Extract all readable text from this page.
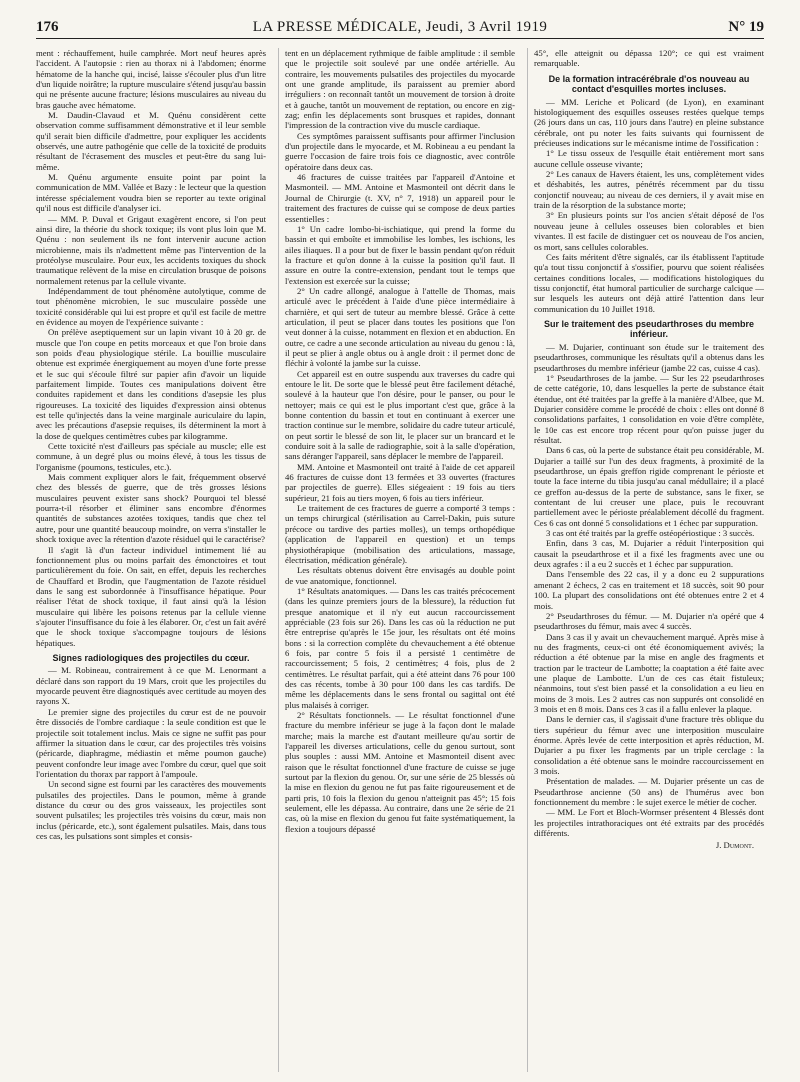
176	LA PRESSE MÉDICALE, Jeudi, 3 Avril 1919	N° 19

ment : réchauffement, huile camphrée. Mort neuf heures après l'accident. A l'autopsie : rien au thorax ni à l'abdomen; énorme hématome de la hanche qui, incisé, laisse s'écouler plus d'un litre d'un liquide noirâtre; la rupture musculaire s'étend jusqu'au bassin qui ne présente aucune fracture; lésions musculaires au niveau du bras gauche avec hématome.

M. Daudin-Clavaud et M. Quénu considèrent cette observation comme suffisamment démonstrative et il leur semble qu'il serait bien difficile d'admettre, pour expliquer les accidents observés, une autre pathogénie que celle de la toxicité de produits résultant de l'écrasement des muscles et peut-être du sang lui-même.

M. Quénu argumente ensuite point par point la communication de MM. Vallée et Bazy : le lecteur que la question intéresse spécialement voudra bien se reporter au texte original qu'il nous est difficile d'analyser ici.

— MM. P. Duval et Grigaut exagèrent encore, si l'on peut ainsi dire, la théorie du shock toxique; ils vont plus loin que M. Quénu : non seulement ils ne font intervenir aucune action microbienne, mais ils n'admettent même pas l'intervention de la protéolyse musculaire. Pour eux, les accidents toxiques du shock traumatique relèvent de la mise en circulation brusque de poisons normalement retenus par la cellule vivante.

Indépendamment de tout phénomène autolytique, comme de tout phénomène microbien, le suc musculaire possède une toxicité considérable qui lui est propre et qu'il est facile de mettre en évidence au moyen de l'expérience suivante :

On prélève aseptiquement sur un lapin vivant 10 à 20 gr. de muscle que l'on coupe en petits morceaux et que l'on broie dans son poids d'eau physiologique stérile. La bouillie musculaire obtenue est exprimée énergiquement au moyen d'une forte presse et le suc qui s'écoule filtré sur papier afin d'avoir un liquide parfaitement limpide. Toutes ces manipulations doivent être conduites rapidement et dans les conditions d'asepsie les plus rigoureuses. La toxicité des liquides d'expression ainsi obtenus est telle qu'injectés dans la veine marginale auriculaire du lapin, avec les précautions d'asepsie requises, ils déterminent la mort à la dose de quelques centimètres cubes par kilogramme.

Cette toxicité n'est d'ailleurs pas spéciale au muscle; elle est commune, à un degré plus ou moins élevé, à tous les tissus de l'organisme (poumons, testicules, etc.).

Mais comment expliquer alors le fait, fréquemment observé chez des blessés de guerre, que de très grosses lésions musculaires peuvent exister sans shock? Pourquoi tel blessé pourra-t-il résorber et éliminer sans encombre d'énormes quantités de substances azotées toxiques, tandis que chez tel autre, pour une quantité beaucoup moindre, on verra s'installer le shock toxique avec la rétention d'azote résiduel qui le caractérise?

Il s'agit là d'un facteur individuel intimement lié au fonctionnement plus ou moins parfait des émonctoires et tout particulièrement du foie. On sait, en effet, depuis les recherches de Chauffard et Brodin, que l'augmentation de l'azote résiduel dans le sang est subordonnée à l'insuffisance hépatique. Pour réaliser l'état de shock toxique, il faut ainsi qu'à la lésion musculaire qui libère les poisons retenus par la cellule vienne s'ajouter l'insuffisance du foie à les élaborer. Or, c'est un fait avéré que le shock toxique s'accompagne toujours de lésions hépatiques.

Signes radiologiques des projectiles du cœur.

— M. Robineau, contrairement à ce que M. Lenormant a déclaré dans son rapport du 19 Mars, croit que les projectiles du myocarde peuvent être diagnostiqués avec certitude au moyen des rayons X.

Le premier signe des projectiles du cœur est de ne pouvoir être dissociés de l'ombre cardiaque : la seule condition est que le projectile soit totalement inclus. Mais ce signe ne suffit pas pour affirmer la situation dans le cœur, car des projectiles très voisins (péricarde, diaphragme, médiastin et même poumon gauche) peuvent confondre leur image avec l'ombre du cœur, quel que soit l'orientation du thorax par rapport à l'ampoule.

Un second signe est fourni par les caractères des mouvements pulsatiles des projectiles. Dans le poumon, même à grande distance du cœur ou des gros vaisseaux, les projectiles sont souvent pulsatiles; les projectiles très voisins du cœur, mais non inclus (péricarde, etc.), sont également pulsatiles. Mais, dans tous ces cas, les pulsations sont simples et consis-

tent en un déplacement rythmique de faible amplitude : il semble que le projectile soit soulevé par une ondée artérielle. Au contraire, les mouvements pulsatiles des projectiles du myocarde ont une grande amplitude, ils paraissent au premier abord irréguliers : on reconnaît tantôt un mouvement de torsion à droite et à gauche, tantôt un mouvement de reptation, ou encore en zig-zag; enfin les déplacements sont brusques et rapides, donnant l'impression de la contraction vive du muscle cardiaque.

Ces symptômes paraissent suffisants pour affirmer l'inclusion d'un projectile dans le myocarde, et M. Robineau a eu pendant la guerre l'occasion de faire trois fois ce diagnostic, avec contrôle opératoire dans deux cas.

46 fractures de cuisse traitées par l'appareil d'Antoine et Masmonteil. — MM. Antoine et Masmonteil ont décrit dans le Journal de Chirurgie (t. XV, n° 7, 1918) un appareil pour le traitement des fractures de cuisse qui se compose de deux parties essentielles :

1° Un cadre lombo-bi-ischiatique, qui prend la forme du bassin et qui emboîte et immobilise les lombes, les ischions, les ailes iliaques. Il a pour but de fixer le bassin pendant qu'on réduit la fracture et qu'on donne à la cuisse la position qu'il faut. Il assure en outre la contre-extension, pendant tout le temps que l'extension est exercée sur la cuisse;

2° Un cadre allongé, analogue à l'attelle de Thomas, mais articulé avec le précédent à l'aide d'une pièce intermédiaire à charnière, et qui sert de tuteur au membre blessé. Grâce à cette articulation, il peut se placer dans toutes les positions que l'on veut donner à la cuisse, notamment en flexion et en abduction. En outre, ce cadre a une seconde articulation au niveau du genou : là, il peut se plier à angle obtus ou à angle droit : il permet donc de fléchir à volonté la jambe sur la cuisse.

Cet appareil est en outre suspendu aux traverses du cadre qui entoure le lit. De sorte que le blessé peut être facilement détaché, soulevé à la hauteur que l'on désire, pour le panser, ou pour le nettoyer; mais ce qui est le plus important c'est que, grâce à la bonne contention du bassin et tout en continuant à exercer une traction continue sur le membre, solidaire du cadre tuteur articulé, on peut sortir le blessé de son lit, le placer sur un brancard et le conduire soit à la salle de radiographie, soit à la salle d'opération, sans déranger l'appareil, sans déplacer le membre de l'appareil.

MM. Antoine et Masmonteil ont traité à l'aide de cet appareil 46 fractures de cuisse dont 13 fermées et 33 ouvertes (fractures par projectiles de guerre). Elles siégeaient : 19 fois au tiers supérieur, 21 fois au tiers moyen, 6 fois au tiers inférieur.

Le traitement de ces fractures de guerre a comporté 3 temps : un temps chirurgical (stérilisation au Carrel-Dakin, puis suture précoce ou tardive des parties molles), un temps orthopédique (application de l'appareil en question) et un temps physiothérapique (mobilisation des articulations, massage, électrisation, médication générale).

Les résultats obtenus doivent être envisagés au double point de vue anatomique, fonctionnel.

1° Résultats anatomiques. — Dans les cas traités précocement (dans les quinze premiers jours de la blessure), la réduction fut presque anatomique et il n'y eut aucun raccourcissement appréciable (23 fois sur 26). Dans les cas où la réduction ne put être entreprise qu'après le 15e jour, les résultats ont été moins bons : si la correction complète du chevauchement a été obtenue 6 fois, par contre 5 fois il a persisté 1 centimètre de raccourcissement; 5 fois, 2 centimètres; 4 fois, plus de 2 centimètres. Le résultat parfait, qui a été atteint dans 76 pour 100 des cas récents, tombe à 30 pour 100 dans les cas tardifs. De même les déplacements dans le sens frontal ou sagittal ont été plus malaisés à corriger.

2° Résultats fonctionnels. — Le résultat fonctionnel d'une fracture du membre inférieur se juge à la façon dont le malade marche; mais la marche est d'autant meilleure qu'au sortir de l'appareil les diverses articulations, celle du genou surtout, sont plus souples : aussi MM. Antoine et Masmonteil disent avec raison que le résultat fonctionnel d'une fracture de cuisse se juge surtout par la flexion du genou. Or, sur une série de 25 blessés où la mise en flexion du genou ne fut pas faite rigoureusement et de parti pris, 10 fois la flexion du genou n'atteignit pas 45°; 15 fois seulement, elle les dépassa. Au contraire, dans une 2e série de 21 cas, où la mise en flexion du genou fut faite systématiquement, la flexion a toujours dépassé

45°, elle atteignit ou dépassa 120°; ce qui est vraiment remarquable.

De la formation intracérébrale d'os nouveau au contact d'esquilles mortes incluses.

— MM. Leriche et Policard (de Lyon), en examinant histologiquement des esquilles osseuses restées quelque temps (26 jours dans un cas, 110 jours dans l'autre) en pleine substance cérébrale, ont pu noter les faits suivants qui fournissent de précieuses indications sur le mécanisme intime de l'ossification :

1° Le tissu osseux de l'esquille était entièrement mort sans aucune cellule osseuse vivante;

2° Les canaux de Havers étaient, les uns, complètement vides et déshabités, les autres, pénétrés récemment par du tissu conjonctif nouveau; au niveau de ces derniers, il y avait mise en train de la résorption de la substance morte;

3° En plusieurs points sur l'os ancien s'était déposé de l'os nouveau jeune à cellules osseuses bien colorables et bien vivantes. Il est facile de distinguer cet os nouveau de l'os ancien, os mort, sans cellules colorables.

Ces faits méritent d'être signalés, car ils établissent l'aptitude qu'a tout tissu conjonctif à s'ossifier, pourvu que soient réalisées certaines conditions locales, — modifications histologiques du tissu conjonctif, état humoral particulier de surcharge calcique — sur lesquels les auteurs ont déjà attiré l'attention dans leur communication du 10 Juillet 1918.

Sur le traitement des pseudarthroses du membre inférieur.

— M. Dujarier, continuant son étude sur le traitement des pseudarthroses, communique les résultats qu'il a obtenus dans les pseudarthroses du membre inférieur (jambe 22 cas, cuisse 4 cas).

1° Pseudarthroses de la jambe. — Sur les 22 pseudarthroses de cette catégorie, 10, dans lesquelles la perte de substance était étendue, ont été traitées par la greffe à la manière d'Albee, que M. Dujarier considère comme le procédé de choix : elles ont donné 8 consolidations parfaites, 1 consolidation en voie d'être complète, le 10e cas est encore trop récent pour qu'on puisse juger du résultat.

Dans 6 cas, où la perte de substance était peu considérable, M. Dujarier a taillé sur l'un des deux fragments, à proximité de la pseudarthrose, un épais greffon rigide comprenant le périoste et toute la face interne du tibia jusqu'au canal médullaire; il a placé ce greffon au-dessus de la perte de substance, sans le fixer, se contentant de lui creuser une place, puis le recouvrant partiellement avec le périoste préalablement décollé du fragment. Ces 6 cas ont donné 5 consolidations et 1 échec par suppuration.

3 cas ont été traités par la greffe ostéopériostique : 3 succès.

Enfin, dans 3 cas, M. Dujarier a réduit l'interposition qui causait la pseudarthrose et il a fixé les fragments avec une ou deux agrafes : il a eu 2 succès et 1 échec par suppuration.

Dans l'ensemble des 22 cas, il y a donc eu 2 suppurations amenant 2 échecs, 2 cas en traitement et 18 succès, soit 90 pour 100. La plupart des consolidations ont été obtenues entre 2 et 4 mois.

2° Pseudarthroses du fémur. — M. Dujarier n'a opéré que 4 pseudarthroses du fémur, mais avec 4 succès.

Dans 3 cas il y avait un chevauchement marqué. Après mise à nu des fragments, ceux-ci ont été économiquement avivés; la réduction a été obtenue par la mise en angle des fragments et traction par le tracteur de Lambotte; la coaptation a été faite avec une plaque de Lambotte. L'un de ces cas était fistuleux; néanmoins, tout s'est bien passé et la consolidation a eu lieu en moins de 3 mois. Les 2 autres cas non suppurés ont consolidé en 3 mois et en 8 mois. Dans ces 3 cas il a fallu enlever la plaque.

Dans le dernier cas, il s'agissait d'une fracture très oblique du tiers supérieur du fémur avec une interposition musculaire énorme. Après levée de cette interposition et après réduction, M. Dujarier a pu fixer les fragments par un triple cerclage : la consolidation a été obtenue sans le moindre raccourcissement en 3 mois.

Présentation de malades. — M. Dujarier présente un cas de Pseudarthrose ancienne (50 ans) de l'humérus avec bon fonctionnement du membre : le sujet exerce le métier de cocher.

— MM. Le Fort et Bloch-Wormser présentent 4 Blessés dont les projectiles intrathoraciques ont été extraits par des procédés différents.

J. Dumont.
